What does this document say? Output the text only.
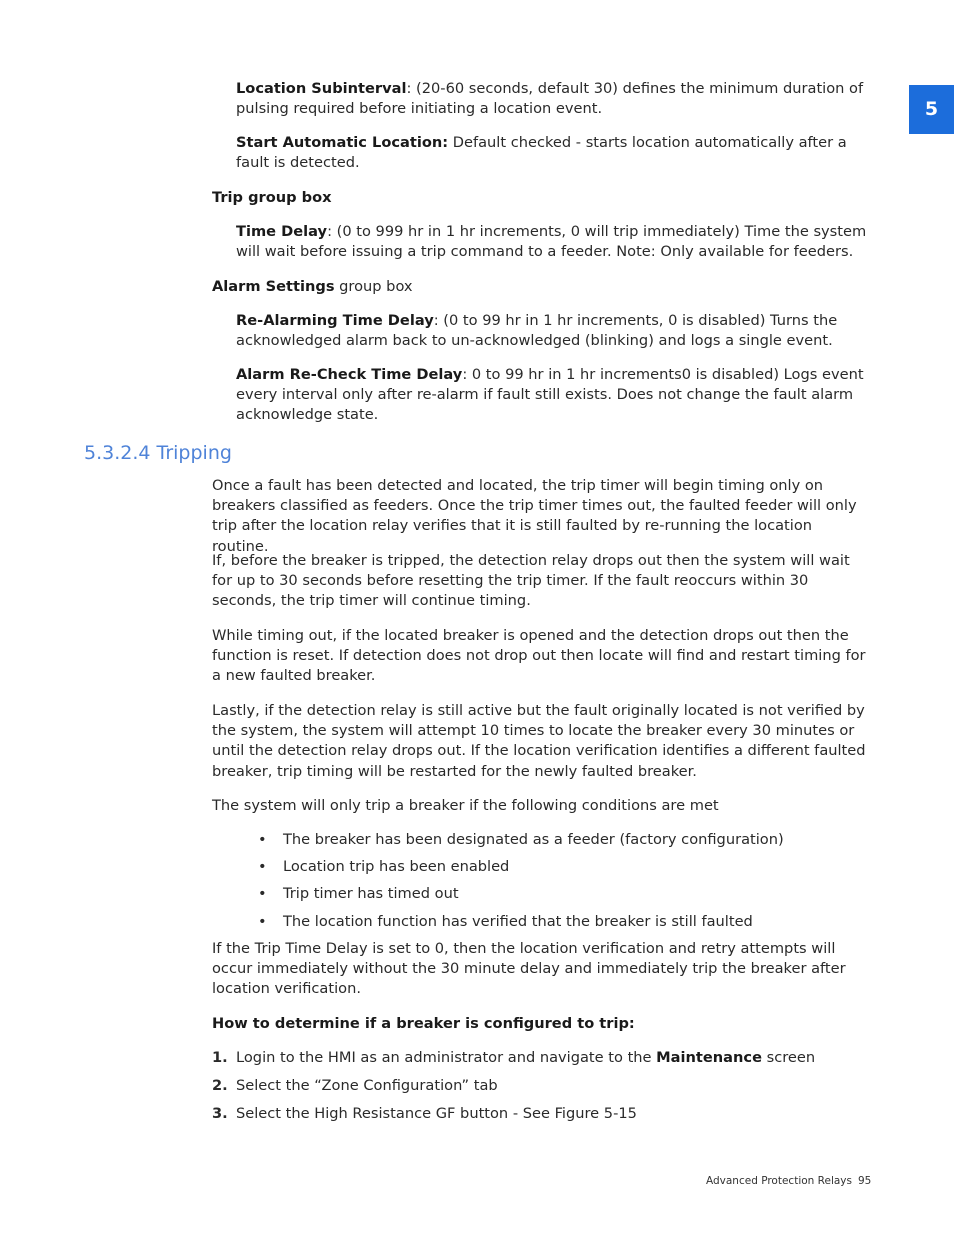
5

Location Subinterval: (20-60 seconds, default 30) defines the minimum duration of pulsing required before initiating a location event.

Start Automatic Location: Default checked - starts location automatically after a fault is detected.

Trip group box

Time Delay: (0 to 999 hr in 1 hr increments, 0 will trip immediately) Time the system will wait before issuing a trip command to a feeder. Note: Only available for feeders.

Alarm Settings group box

Re-Alarming Time Delay: (0 to 99 hr in 1 hr increments, 0 is disabled) Turns the acknowledged alarm back to un-acknowledged (blinking) and logs a single event.

Alarm Re-Check Time Delay: 0 to 99 hr in 1 hr increments0 is disabled) Logs event every interval only after re-alarm if fault still exists. Does not change the fault alarm acknowledge state.

5.3.2.4 Tripping

Once a fault has been detected and located, the trip timer will begin timing only on breakers classified as feeders. Once the trip timer times out, the faulted feeder will only trip after the location relay verifies that it is still faulted by re-running the location routine.

If, before the breaker is tripped, the detection relay drops out then the system will wait for up to 30 seconds before resetting the trip timer. If the fault reoccurs within 30 seconds, the trip timer will continue timing.

While timing out, if the located breaker is opened and the detection drops out then the function is reset. If detection does not drop out then locate will find and restart timing for a new faulted breaker.

Lastly, if the detection relay is still active but the fault originally located is not verified by the system, the system will attempt 10 times to locate the breaker every 30 minutes or until the detection relay drops out. If the location verification identifies a different faulted breaker, trip timing will be restarted for the newly faulted breaker.

The system will only trip a breaker if the following conditions are met

• The breaker has been designated as a feeder (factory configuration)
• Location trip has been enabled
• Trip timer has timed out
• The location function has verified that the breaker is still faulted

If the Trip Time Delay is set to 0, then the location verification and retry attempts will occur immediately without the 30 minute delay and immediately trip the breaker after location verification.

How to determine if a breaker is configured to trip:

1. Login to the HMI as an administrator and navigate to the Maintenance screen
2. Select the “Zone Configuration” tab
3. Select the High Resistance GF button - See Figure 5-15
Advanced Protection Relays 95
